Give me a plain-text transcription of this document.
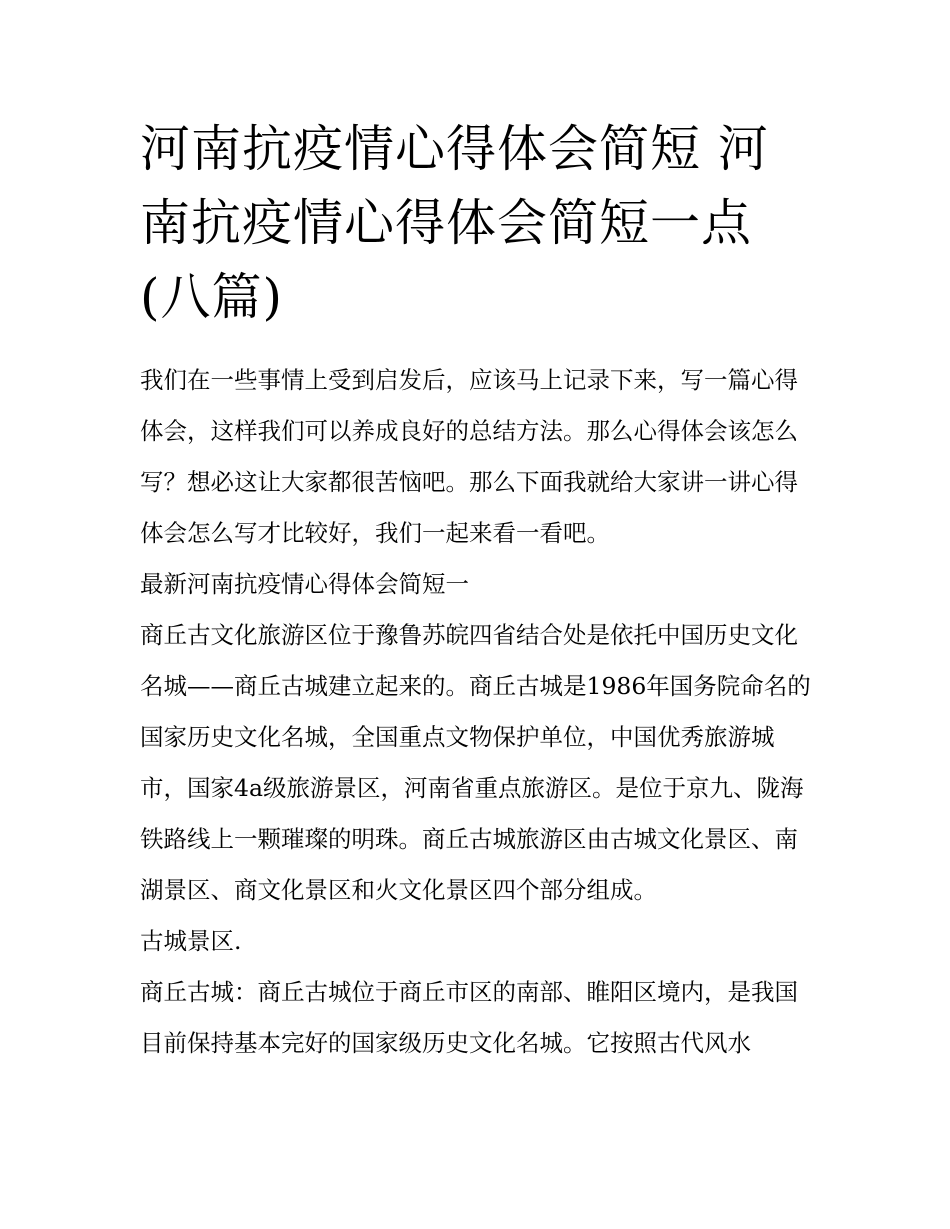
河南抗疫情心得体会简短 河南抗疫情心得体会简短一点(八篇)

我们在一些事情上受到启发后，应该马上记录下来，写一篇心得体会，这样我们可以养成良好的总结方法。那么心得体会该怎么写？想必这让大家都很苦恼吧。那么下面我就给大家讲一讲心得体会怎么写才比较好，我们一起来看一看吧。

最新河南抗疫情心得体会简短一

商丘古文化旅游区位于豫鲁苏皖四省结合处是依托中国历史文化名城——商丘古城建立起来的。商丘古城是1986年国务院命名的国家历史文化名城，全国重点文物保护单位，中国优秀旅游城市，国家4a级旅游景区，河南省重点旅游区。是位于京九、陇海铁路线上一颗璀璨的明珠。商丘古城旅游区由古城文化景区、南湖景区、商文化景区和火文化景区四个部分组成。

古城景区.

商丘古城：商丘古城位于商丘市区的南部、睢阳区境内，是我国目前保持基本完好的国家级历史文化名城。它按照古代风水
